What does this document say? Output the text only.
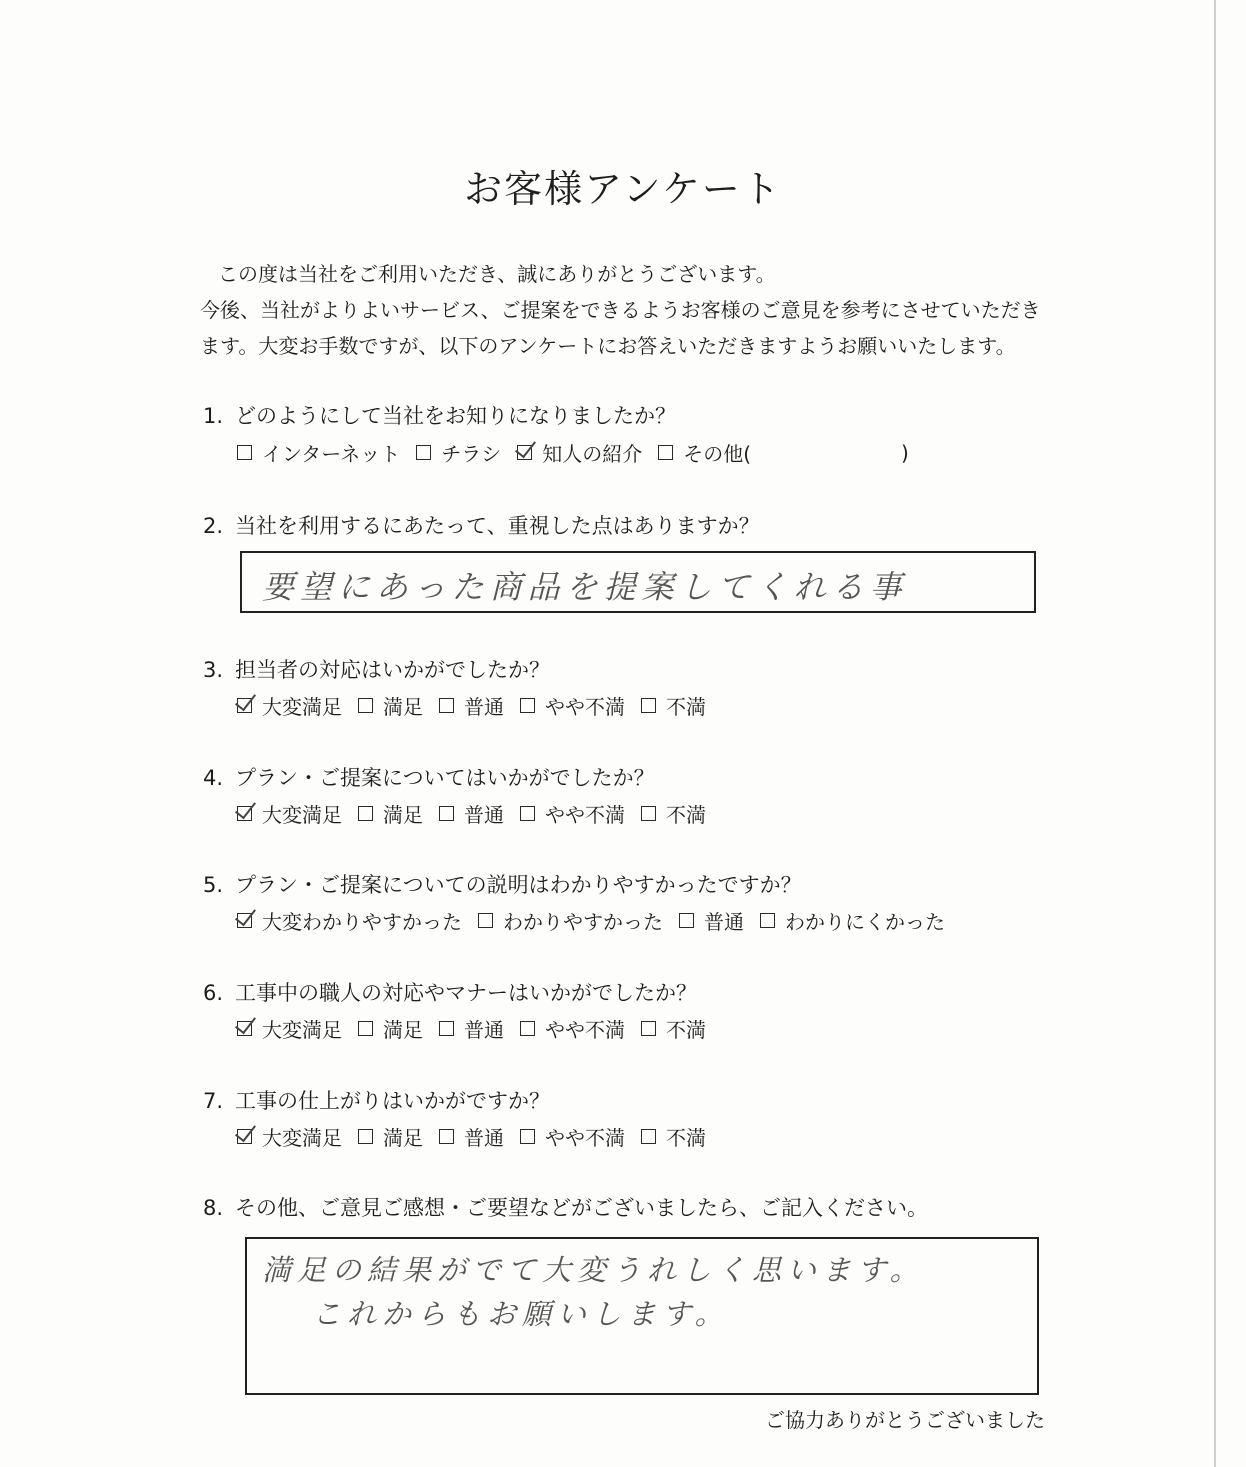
お客様アンケート

この度は当社をご利用いただき、誠にありがとうございます。

今後、当社がよりよいサービス、ご提案をできるようお客様のご意見を参考にさせていただき

ます。大変お手数ですが、以下のアンケートにお答えいただきますようお願いいたします。

1. どのようにして当社をお知りになりましたか？
インターネット チラシ 知人の紹介 その他(	)
2. 当社を利用するにあたって、重視した点はありますか？
要望にあった商品を提案してくれる事
3. 担当者の対応はいかがでしたか？
大変満足 満足 普通 やや不満 不満
4. プラン・ご提案についてはいかがでしたか？
大変満足 満足 普通 やや不満 不満
5. プラン・ご提案についての説明はわかりやすかったですか？
大変わかりやすかった わかりやすかった 普通 わかりにくかった
6. 工事中の職人の対応やマナーはいかがでしたか？
大変満足 満足 普通 やや不満 不満
7. 工事の仕上がりはいかがですか？
大変満足 満足 普通 やや不満 不満
8. その他、ご意見ご感想・ご要望などがございましたら、ご記入ください。
満足の結果がでて大変うれしく思います。
これからもお願いします。
ご協力ありがとうございました
